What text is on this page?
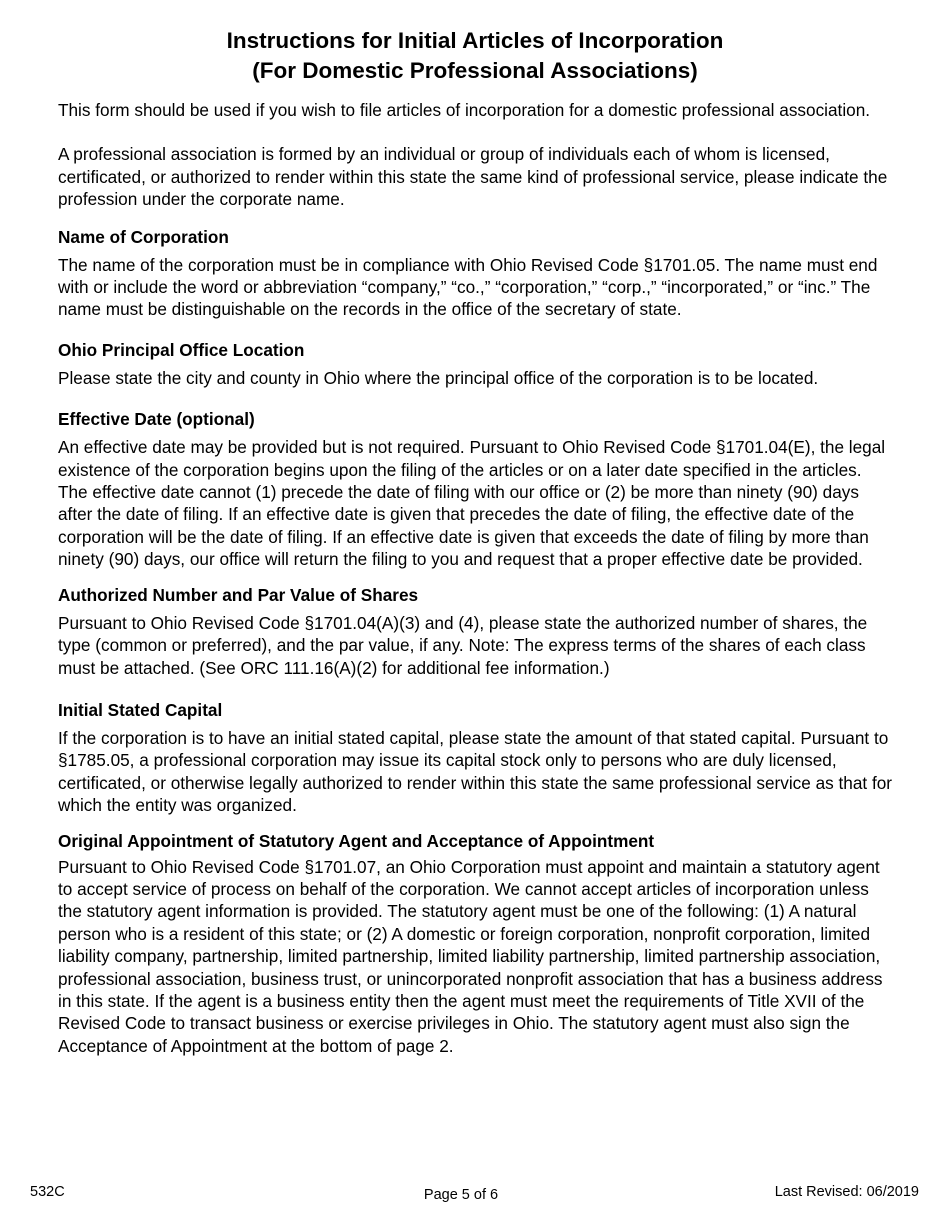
Instructions for Initial Articles of Incorporation
(For Domestic Professional Associations)

This form should be used if you wish to file articles of incorporation for a domestic professional association.

A professional association is formed by an individual or group of individuals each of whom is licensed, certificated, or authorized to render within this state the same kind of professional service, please indicate the profession under the corporate name.

Name of Corporation

The name of the corporation must be in compliance with Ohio Revised Code §1701.05. The name must end with or include the word or abbreviation “company,” “co.,” “corporation,” “corp.,” “incorporated,” or “inc.” The name must be distinguishable on the records in the office of the secretary of state.

Ohio Principal Office Location

Please state the city and county in Ohio where the principal office of the corporation is to be located.

Effective Date (optional)

An effective date may be provided but is not required. Pursuant to Ohio Revised Code §1701.04(E), the legal existence of the corporation begins upon the filing of the articles or on a later date specified in the articles. The effective date cannot (1) precede the date of filing with our office or (2) be more than ninety (90) days after the date of filing. If an effective date is given that precedes the date of filing, the effective date of the corporation will be the date of filing. If an effective date is given that exceeds the date of filing by more than ninety (90) days, our office will return the filing to you and request that a proper effective date be provided.

Authorized Number and Par Value of Shares

Pursuant to Ohio Revised Code §1701.04(A)(3) and (4), please state the authorized number of shares, the type (common or preferred), and the par value, if any. Note: The express terms of the shares of each class must be attached. (See ORC 111.16(A)(2) for additional fee information.)

Initial Stated Capital

If the corporation is to have an initial stated capital, please state the amount of that stated capital. Pursuant to §1785.05, a professional corporation may issue its capital stock only to persons who are duly licensed, certificated, or otherwise legally authorized to render within this state the same professional service as that for which the entity was organized.

Original Appointment of Statutory Agent and Acceptance of Appointment

Pursuant to Ohio Revised Code §1701.07, an Ohio Corporation must appoint and maintain a statutory agent to accept service of process on behalf of the corporation. We cannot accept articles of incorporation unless the statutory agent information is provided. The statutory agent must be one of the following: (1) A natural person who is a resident of this state; or (2) A domestic or foreign corporation, nonprofit corporation, limited liability company, partnership, limited partnership, limited liability partnership, limited partnership association, professional association, business trust, or unincorporated nonprofit association that has a business address in this state. If the agent is a business entity then the agent must meet the requirements of Title XVII of the Revised Code to transact business or exercise privileges in Ohio. The statutory agent must also sign the Acceptance of Appointment at the bottom of page 2.

532C	Page 5 of 6	Last Revised: 06/2019
